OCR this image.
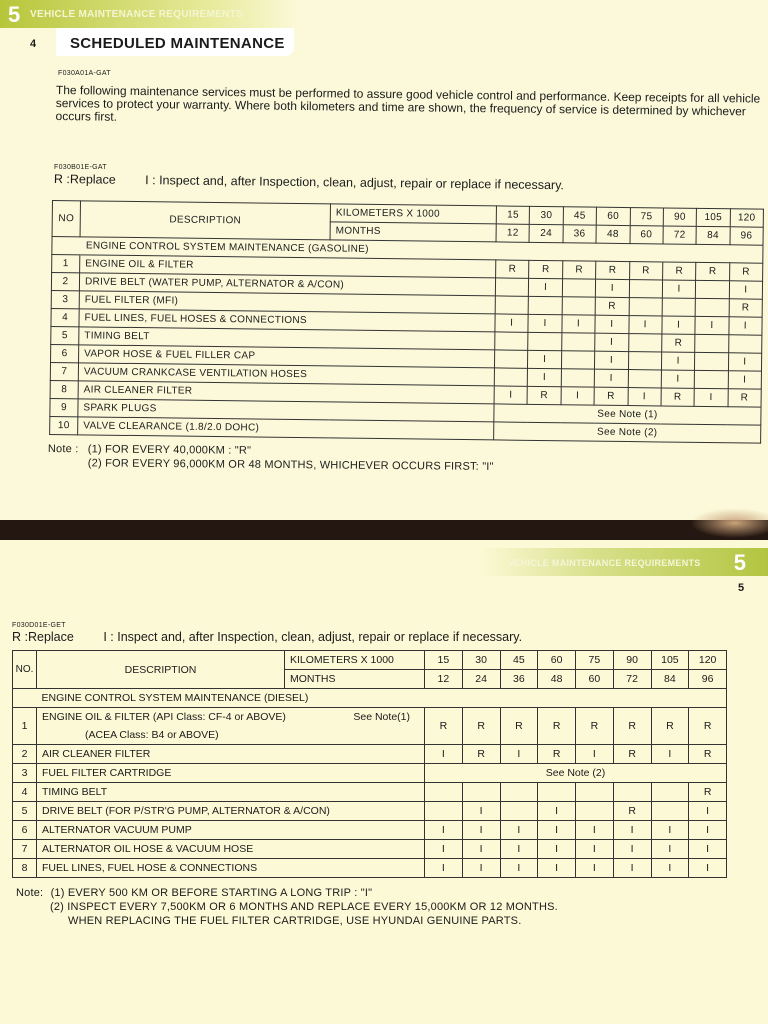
5 VEHICLE MAINTENANCE REQUIREMENTS
4 SCHEDULED MAINTENANCE
F030A01A-GAT
The following maintenance services must be performed to assure good vehicle control and performance. Keep receipts for all vehicle services to protect your warranty. Where both kilometers and time are shown, the frequency of service is determined by whichever occurs first.
F030B01E-GAT
R :Replace I : Inspect and, after Inspection, clean, adjust, repair or replace if necessary.
NO	DESCRIPTION	KILOMETERS X 1000	15	30	45	60	75	90	105	120
		MONTHS	12	24	36	48	60	72	84	96
	ENGINE CONTROL SYSTEM MAINTENANCE (GASOLINE)									
1	ENGINE OIL & FILTER		R	R	R	R	R	R	R	R
2	DRIVE BELT (WATER PUMP, ALTERNATOR & A/CON)			I		I		I		I
3	FUEL FILTER (MFI)					R				R
4	FUEL LINES, FUEL HOSES & CONNECTIONS		I	I	I	I	I	I	I	I
5	TIMING BELT					I		R		
6	VAPOR HOSE & FUEL FILLER CAP			I		I		I		I
7	VACUUM CRANKCASE VENTILATION HOSES			I		I		I		I
8	AIR CLEANER FILTER		I	R	I	R	I	R	I	R
9	SPARK PLUGS		See Note (1)							
10	VALVE CLEARANCE (1.8/2.0 DOHC)		See Note (2)							
Note : (1) FOR EVERY 40,000KM : "R"
(2) FOR EVERY 96,000KM OR 48 MONTHS, WHICHEVER OCCURS FIRST: "I"
VEHICLE MAINTENANCE REQUIREMENTS 5
5
F030D01E-GET
R :Replace I : Inspect and, after Inspection, clean, adjust, repair or replace if necessary.
NO.	DESCRIPTION	KILOMETERS X 1000	15	30	45	60	75	90	105	120
		MONTHS	12	24	36	48	60	72	84	96
	ENGINE CONTROL SYSTEM MAINTENANCE (DIESEL)									
1	ENGINE OIL & FILTER (API Class: CF-4 or ABOVE) See Note(1)		R	R	R	R	R	R	R	R
	(ACEA Class: B4 or ABOVE)									
2	AIR CLEANER FILTER		I	R	I	R	I	R	I	R
3	FUEL FILTER CARTRIDGE		See Note (2)							
4	TIMING BELT									R
5	DRIVE BELT (FOR P/STR'G PUMP, ALTERNATOR & A/CON)			I		I		R		I
6	ALTERNATOR VACUUM PUMP		I	I	I	I	I	I	I	I
7	ALTERNATOR OIL HOSE & VACUUM HOSE		I	I	I	I	I	I	I	I
8	FUEL LINES, FUEL HOSE & CONNECTIONS		I	I	I	I	I	I	I	I
Note: (1) EVERY 500 KM OR BEFORE STARTING A LONG TRIP : "I"
(2) INSPECT EVERY 7,500KM OR 6 MONTHS AND REPLACE EVERY 15,000KM OR 12 MONTHS.
WHEN REPLACING THE FUEL FILTER CARTRIDGE, USE HYUNDAI GENUINE PARTS.
